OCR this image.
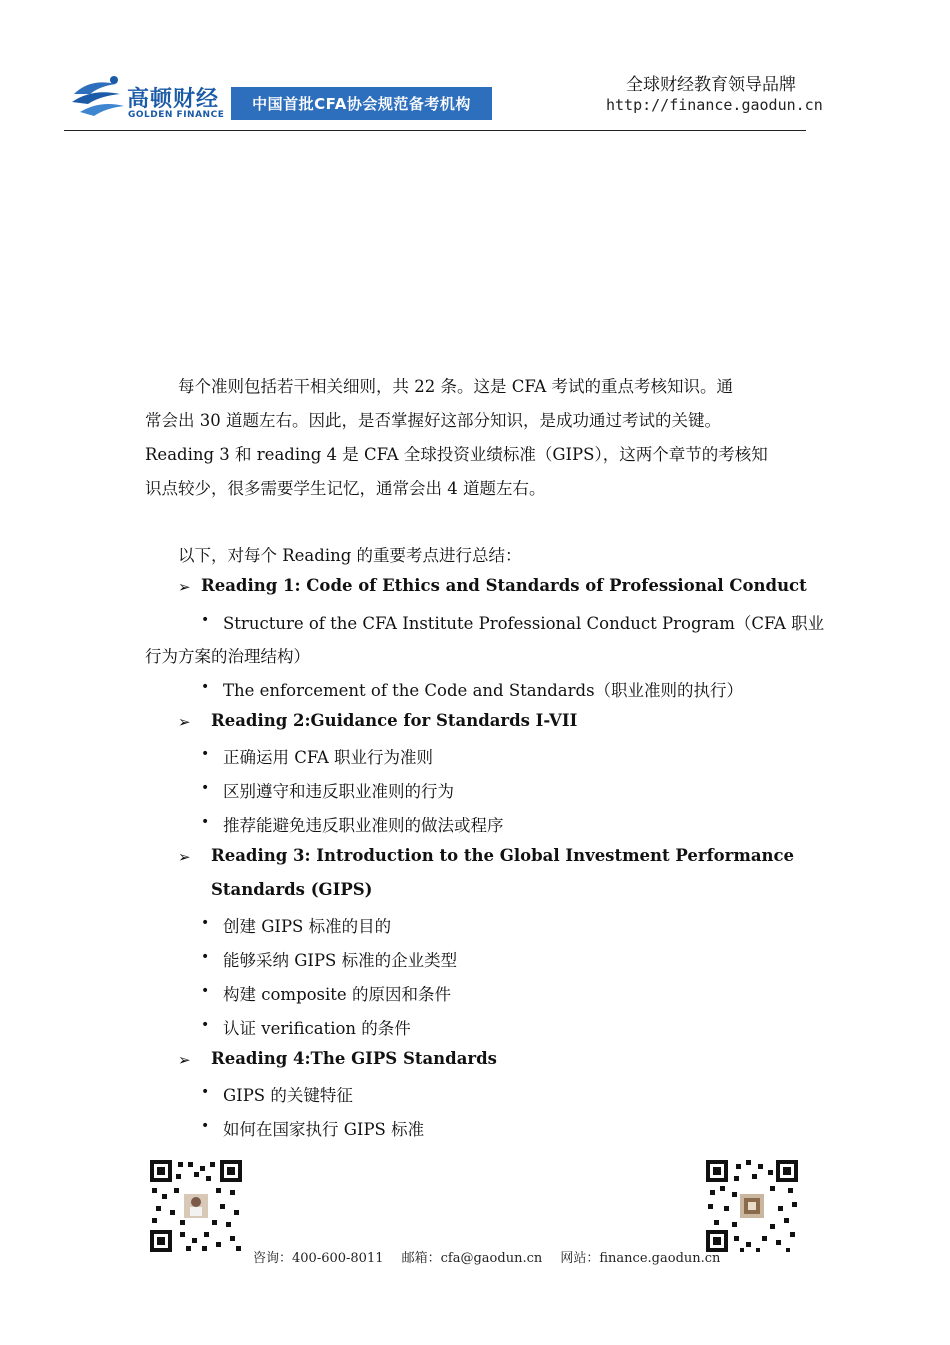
高顿财经
GOLDEN FINANCE
中国首批CFA协会规范备考机构
全球财经教育领导品牌
http://finance.gaodun.cn
每个准则包括若干相关细则，共 22 条。这是 CFA 考试的重点考核知识。通
常会出 30 道题左右。因此，是否掌握好这部分知识，是成功通过考试的关键。
Reading 3 和 reading 4 是 CFA 全球投资业绩标准（GIPS），这两个章节的考核知
识点较少，很多需要学生记忆，通常会出 4 道题左右。
以下，对每个 Reading 的重要考点进行总结：
➢ Reading 1: Code of Ethics and Standards of Professional Conduct
• Structure of the CFA Institute Professional Conduct Program（CFA 职业
行为方案的治理结构）
• The enforcement of the Code and Standards（职业准则的执行）
➢ Reading 2:Guidance for Standards I-VII
• 正确运用 CFA 职业行为准则
• 区别遵守和违反职业准则的行为
• 推荐能避免违反职业准则的做法或程序
➢ Reading 3: Introduction to the Global Investment Performance
Standards (GIPS)
• 创建 GIPS 标准的目的
• 能够采纳 GIPS 标准的企业类型
• 构建 composite 的原因和条件
• 认证 verification 的条件
➢ Reading 4:The GIPS Standards
• GIPS 的关键特征
• 如何在国家执行 GIPS 标准
咨询：400-600-8011 邮箱：cfa@gaodun.cn 网站：finance.gaodun.cn
